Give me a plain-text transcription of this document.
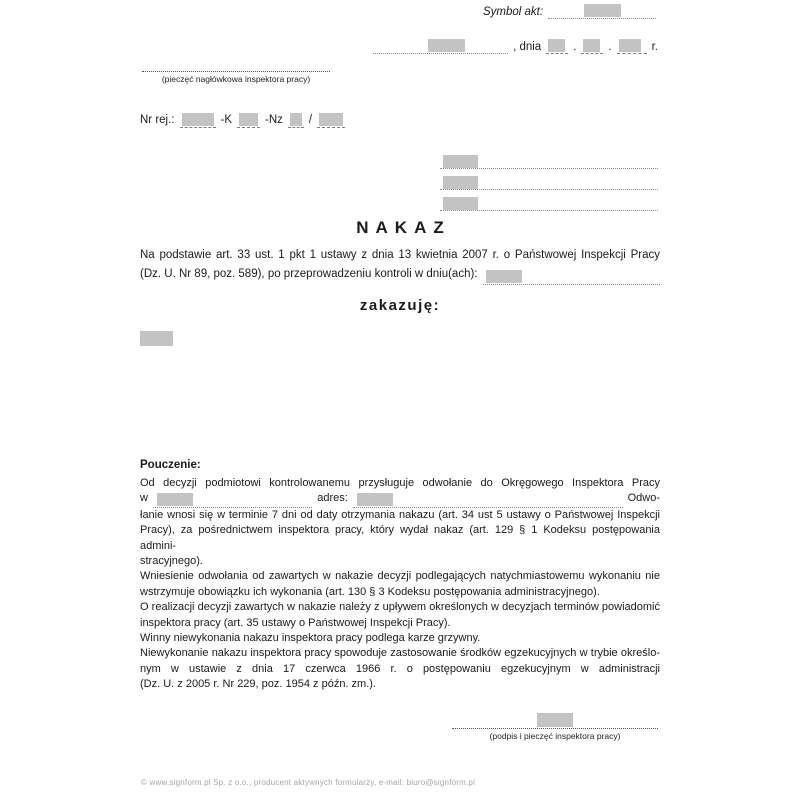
Symbol akt:
, dnia	.	.	r.
(pieczęć nagłówkowa inspektora pracy)
Nr rej.:	-K	-Nz /
NAKAZ
Na podstawie art. 33 ust. 1 pkt 1 ustawy z dnia 13 kwietnia 2007 r. o Państwowej Inspekcji Pracy
(Dz. U. Nr 89, poz. 589), po przeprowadzeniu kontroli w dniu(ach):
zakazuję:
Pouczenie:
Od decyzji podmiotowi kontrolowanemu przysługuje odwołanie do Okręgowego Inspektora Pracy
w	adres:	Odwo-
łanie wnosi się w terminie 7 dni od daty otrzymania nakazu (art. 34 ust 5 ustawy o Państwowej Inspekcji
Pracy), za pośrednictwem inspektora pracy, który wydał nakaz (art. 129 § 1 Kodeksu postępowania admini-
stracyjnego).
Wniesienie odwołania od zawartych w nakazie decyzji podlegających natychmiastowemu wykonaniu nie
wstrzymuje obowiązku ich wykonania (art. 130 § 3 Kodeksu postępowania administracyjnego).
O realizacji decyzji zawartych w nakazie należy z upływem określonych w decyzjach terminów powiadomić
inspektora pracy (art. 35 ustawy o Państwowej Inspekcji Pracy).
Winny niewykonania nakazu inspektora pracy podlega karze grzywny.
Niewykonanie nakazu inspektora pracy spowoduje zastosowanie środków egzekucyjnych w trybie określo-
nym w ustawie z dnia 17 czerwca 1966 r. o postępowaniu egzekucyjnym w administracji
(Dz. U. z 2005 r. Nr 229, poz. 1954 z późn. zm.).
(podpis i pieczęć inspektora pracy)
© www.signform.pl Sp. z o.o., producent aktywnych formularzy, e-mail: biuro@signform.pl
